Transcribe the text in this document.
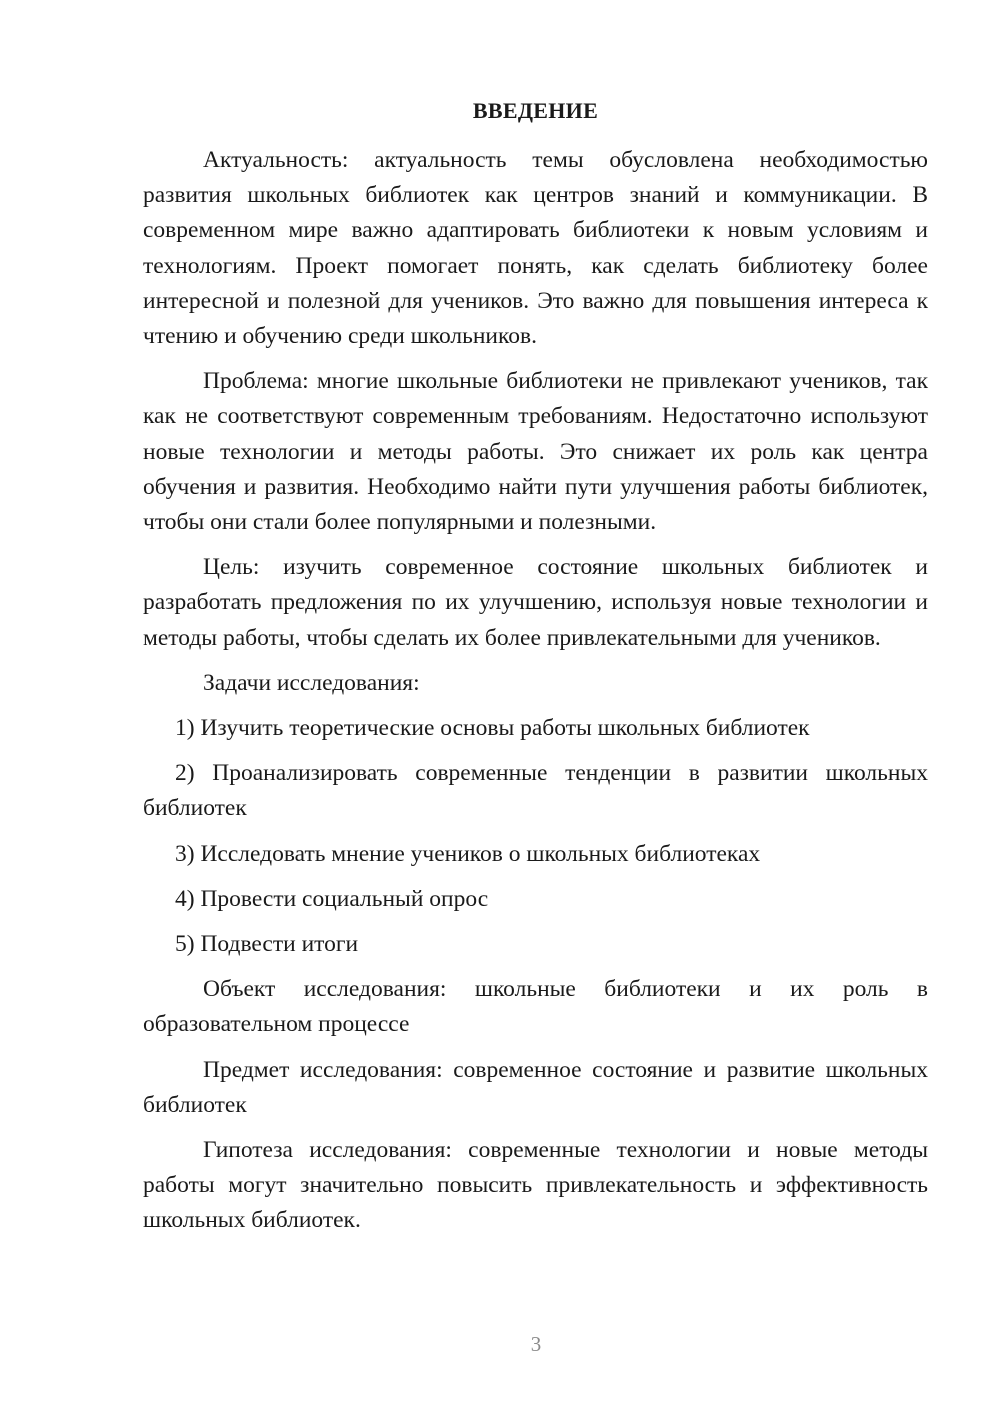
ВВЕДЕНИЕ

Актуальность: актуальность темы обусловлена необходимостью развития школьных библиотек как центров знаний и коммуникации. В современном мире важно адаптировать библиотеки к новым условиям и технологиям. Проект помогает понять, как сделать библиотеку более интересной и полезной для учеников. Это важно для повышения интереса к чтению и обучению среди школьников.

Проблема: многие школьные библиотеки не привлекают учеников, так как не соответствуют современным требованиям. Недостаточно используют новые технологии и методы работы. Это снижает их роль как центра обучения и развития. Необходимо найти пути улучшения работы библиотек, чтобы они стали более популярными и полезными.

Цель: изучить современное состояние школьных библиотек и разработать предложения по их улучшению, используя новые технологии и методы работы, чтобы сделать их более привлекательными для учеников.

Задачи исследования:

1) Изучить теоретические основы работы школьных библиотек

2) Проанализировать современные тенденции в развитии школьных библиотек

3) Исследовать мнение учеников о школьных библиотеках

4) Провести социальный опрос

5) Подвести итоги

Объект исследования: школьные библиотеки и их роль в образовательном процессе

Предмет исследования: современное состояние и развитие школьных библиотек

Гипотеза исследования: современные технологии и новые методы работы могут значительно повысить привлекательность и эффективность школьных библиотек.

3
